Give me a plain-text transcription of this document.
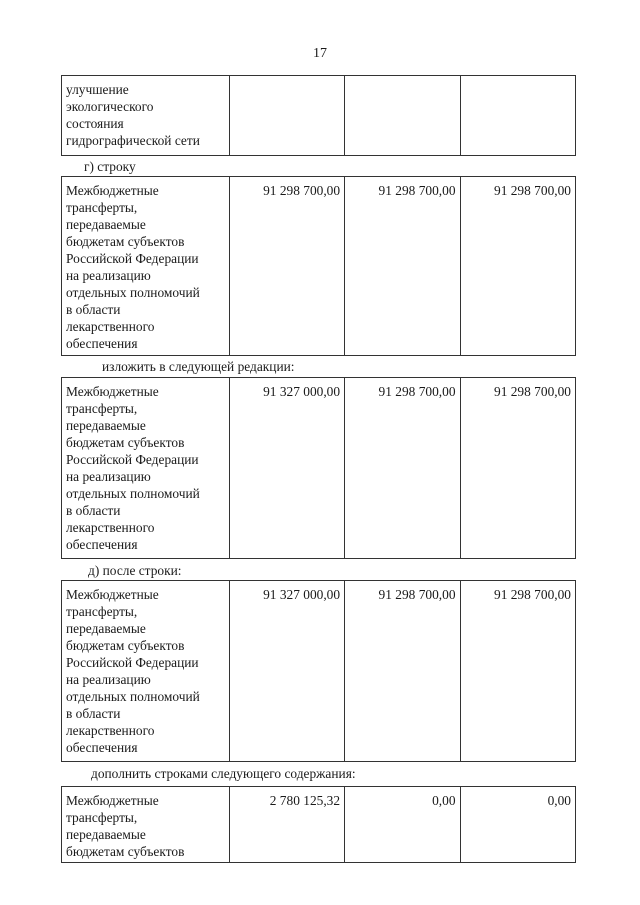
17
улучшение
экологического
состояния
гидрографической сети

г) строку
Межбюджетные
трансферты,
передаваемые
бюджетам субъектов
Российской Федерации
на реализацию
отдельных полномочий
в области
лекарственного
обеспечения
	91 298 700,00	91 298 700,00	91 298 700,00
изложить в следующей редакции:
Межбюджетные
трансферты,
передаваемые
бюджетам субъектов
Российской Федерации
на реализацию
отдельных полномочий
в области
лекарственного
обеспечения
	91 327 000,00	91 298 700,00	91 298 700,00
д) после строки:
Межбюджетные
трансферты,
передаваемые
бюджетам субъектов
Российской Федерации
на реализацию
отдельных полномочий
в области
лекарственного
обеспечения
	91 327 000,00	91 298 700,00	91 298 700,00
дополнить строками следующего содержания:
Межбюджетные
трансферты,
передаваемые
бюджетам субъектов
	2 780 125,32	0,00	0,00
